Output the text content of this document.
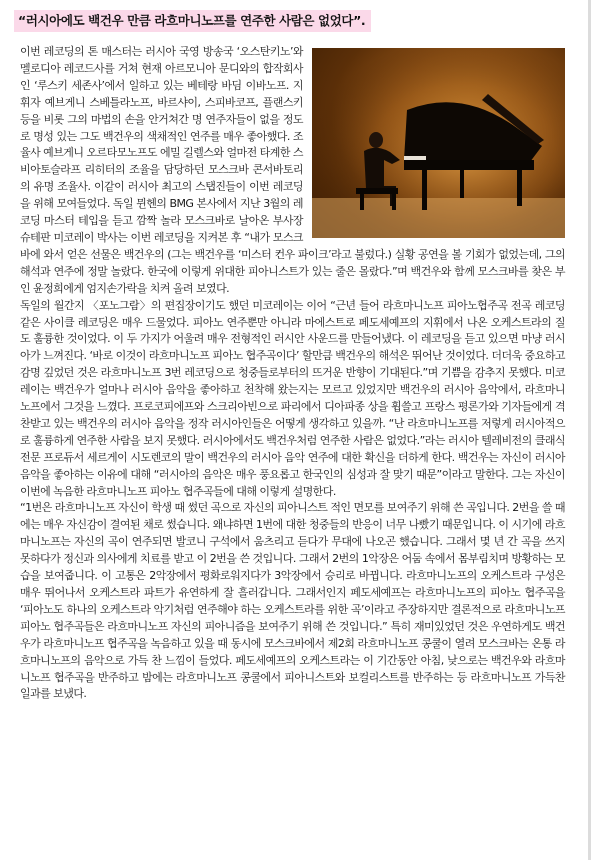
“러시아에도 백건우 만큼 라흐마니노프를 연주한 사람은 없었다”.

이번 레코딩의 톤 매스터는 러시아 국영 방송국 ‘오스탄키노’와 멜로디아 레코드사를 거쳐 현재 아르모니아 문디와의 합작회사인 ‘루스키 세존사’에서 일하고 있는 베테랑 바딤 이바노프. 지휘자 예브게니 스베틀라노프, 바르샤이, 스피바코프, 플랜스키 등을 비롯 그의 마법의 손을 안거쳐간 명 연주자들이 없을 정도로 명성 있는 그도 백건우의 색채적인 연주를 매우 좋아했다. 조율사 예브게니 오르타모노프도 에밀 길렐스와 얼마전 타계한 스비아토슬라프 리히터의 조율을 담당하던 모스크바 콘서바토리의 유명 조율사. 이같이 러시아 최고의 스탭진들이 이번 레코딩을 위해 모여들었다. 독일 뮌헨의 BMG 본사에서 지난 3월의 레코딩 마스터 테입을 듣고 깜짝 놀라 모스크바로 날아온 부사장 슈테판 미코레이 박사는 이번 레코딩을 지켜본 후 “내가 모스크바에 와서 얻은 선물은 백건우의 (그는 백건우를 ‘미스터 컨우 파이크’라고 불렀다.) 실황 공연을 볼 기회가 없었는데, 그의 해석과 연주에 정말 놀랐다. 한국에 이렇게 위대한 피아니스트가 있는 줄은 몰랐다.”며 백건우와 함께 모스크바를 찾은 부인 윤정희에게 엄지손가락을 치켜 올려 보였다.

독일의 월간지 〈포노그람〉의 편집장이기도 했던 미코레이는 이어 “근년 들어 라흐마니노프 피아노협주곡 전곡 레코딩 같은 사이클 레코딩은 매우 드물었다. 피아노 연주뿐만 아니라 마에스트로 페도세예프의 지휘에서 나온 오케스트라의 질도 훌륭한 것이었다. 이 두 가지가 어울려 매우 전형적인 러시안 사운드를 만들어냈다. 이 레코딩을 듣고 있으면 마냥 러시아가 느껴진다. ‘바로 이것이 라흐마니노프 피아노 협주곡이다’ 할만큼 백건우의 해석은 뛰어난 것이었다. 더더욱 중요하고 감명 깊었던 것은 라흐마니노프 3번 레코딩으로 청중들로부터의 뜨거운 반향이 기대된다.”며 기쁨을 감추지 못했다. 미코레이는 백건우가 얼마나 러시아 음악을 좋아하고 천착해 왔는지는 모르고 있었지만 백건우의 러시아 음악에서, 라흐마니노프에서 그것을 느꼈다. 프로코피에프와 스크리아빈으로 파리에서 디아파종 상을 휩쓸고 프랑스 평론가와 기자들에게 격찬받고 있는 백건우의 러시아 음악을 정작 러시아인들은 어떻게 생각하고 있을까. “난 라흐마니노프를 저렇게 러시아적으로 훌륭하게 연주한 사람을 보지 못했다. 러시아에서도 백건우처럼 연주한 사람은 없었다.”라는 러시아 텔레비전의 클래식 전문 프로듀서 세르게이 시도렌코의 말이 백건우의 러시아 음악 연주에 대한 확신을 더하게 한다. 백건우는 자신이 러시아 음악을 좋아하는 이유에 대해 “러시아의 음악은 매우 풍요롭고 한국인의 심성과 잘 맞기 때문”이라고 말한다. 그는 자신이 이번에 녹음한 라흐마니노프 피아노 협주곡들에 대해 이렇게 설명한다.

“1번은 라흐마니노프 자신이 학생 때 썼던 곡으로 자신의 피아니스트 적인 면모를 보여주기 위해 쓴 곡입니다. 2번을 쓸 때에는 매우 자신감이 결여된 채로 썼습니다. 왜냐하면 1번에 대한 청중들의 반응이 너무 나빴기 때문입니다. 이 시기에 라흐마니노프는 자신의 곡이 연주되면 발코니 구석에서 움츠리고 듣다가 무대에 나오곤 했습니다. 그래서 몇 년 간 곡을 쓰지 못하다가 정신과 의사에게 치료를 받고 이 2번을 쓴 것입니다. 그래서 2번의 1악장은 어둠 속에서 몸부림치며 방황하는 모습을 보여줍니다. 이 고통은 2악장에서 평화로워지다가 3악장에서 승리로 바뀝니다. 라흐마니노프의 오케스트라 구성은 매우 뛰어나서 오케스트라 파트가 유연하게 잘 흘러갑니다. 그래서인지 페도세예프는 라흐마니노프의 피아노 협주곡을 ‘피아노도 하나의 오케스트라 악기처럼 연주해야 하는 오케스트라를 위한 곡’이라고 주장하지만 결론적으로 라흐마니노프 피아노 협주곡들은 라흐마니노프 자신의 피아니즘을 보여주기 위해 쓴 것입니다.” 특히 재미있었던 것은 우연하게도 백건우가 라흐마니노프 협주곡을 녹음하고 있을 때 동시에 모스크바에서 제2회 라흐마니노프 콩쿨이 열려 모스크바는 온통 라흐마니노프의 음악으로 가득 찬 느낌이 들었다. 페도세예프의 오케스트라는 이 기간동안 아침, 낮으로는 백건우와 라흐마니노프 협주곡을 반주하고 밤에는 라흐마니노프 콩쿨에서 피아니스트와 보컬리스트를 반주하는 등 라흐마니노프 가득찬 일과를 보냈다.
